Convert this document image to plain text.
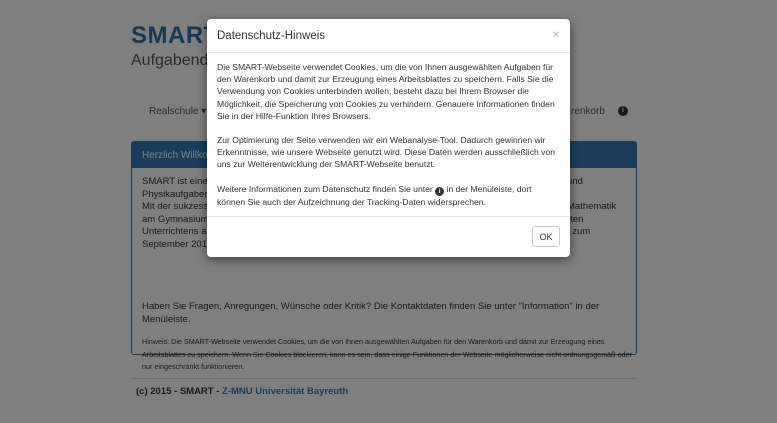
Datenschutz-Hinweis	×

Die SMART-Webseite verwendet Cookies, um die von Ihnen ausgewählten Aufgaben für den Warenkorb und damit zur Erzeugung eines Arbeitsblattes zu speichern. Falls Sie die Verwendung von Cookies unterbinden wollen, besteht dazu bei Ihrem Browser die Möglichkeit, die Speicherung von Cookies zu verhindern. Genauere Informationen finden Sie in der Hilfe-Funktion Ihres Browsers.

Zur Optimierung der Seite verwenden wir ein Webanalyse-Tool. Dadurch gewinnen wir Erkenntnisse, wie unsere Webseite genutzt wird. Diese Daten werden ausschließlich von uns zur Weiterentwicklung der SMART-Webseite benutzt.

Weitere Informationen zum Datenschutz finden Sie unter i in der Menüleiste, dort können Sie auch der Aufzeichnung der Tracking-Daten widersprechen.

OK
